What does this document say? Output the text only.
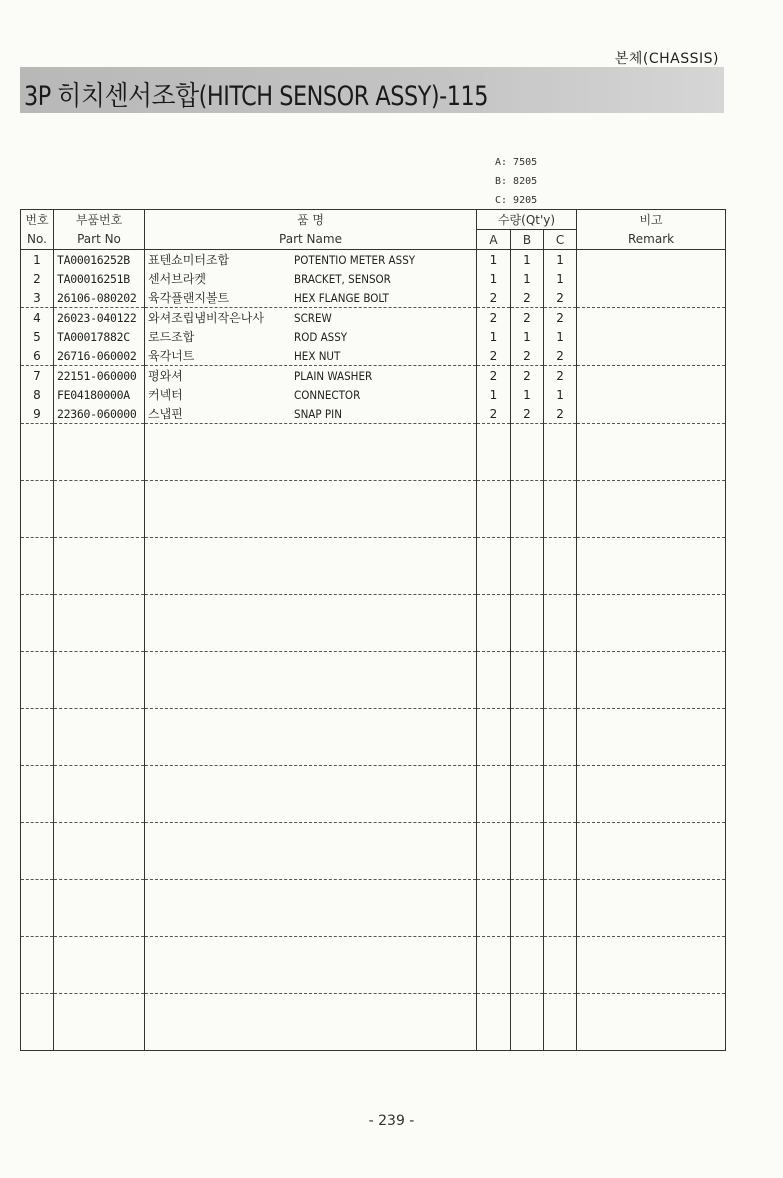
본체(CHASSIS)
3P 히치센서조합(HITCH SENSOR ASSY)-115
A: 7505
B: 8205
C: 9205
번호	부품번호	품 명	수량(Qt'y)			비고
No.	Part No	Part Name	A	B	C	Remark
1	TA00016252B	표텐쇼미터조합 POTENTIO METER ASSY	1	1	1	
2	TA00016251B	센서브라켓 BRACKET, SENSOR	1	1	1	
3	26106-080202	육각플랜지볼트 HEX FLANGE BOLT	2	2	2	
4	26023-040122	와셔조립냄비작은나사 SCREW	2	2	2	
5	TA00017882C	로드조합 ROD ASSY	1	1	1	
6	26716-060002	육각너트 HEX NUT	2	2	2	
7	22151-060000	평와셔 PLAIN WASHER	2	2	2	
8	FE04180000A	커넥터 CONNECTOR	1	1	1	
9	22360-060000	스냅핀 SNAP PIN	2	2	2	

- 239 -
